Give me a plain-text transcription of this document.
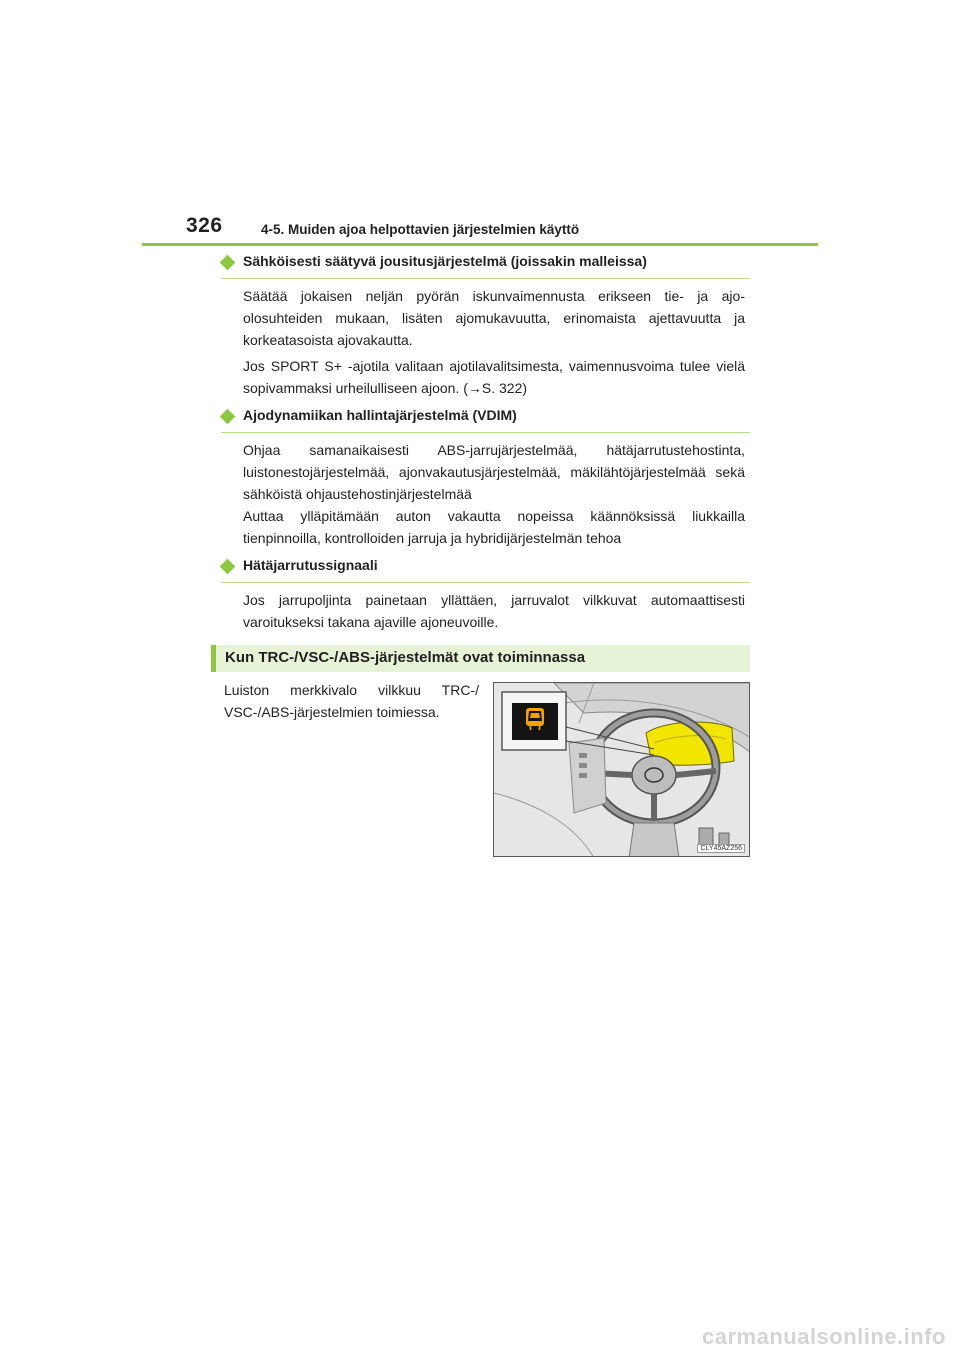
326	4-5. Muiden ajoa helpottavien järjestelmien käyttö
Sähköisesti säätyvä jousitusjärjestelmä (joissakin malleissa)
Säätää jokaisen neljän pyörän iskunvaimennusta erikseen tie- ja ajo-olosuhteiden mukaan, lisäten ajomukavuutta, erinomaista ajettavuutta ja korkeatasoista ajovakautta.
Jos SPORT S+ -ajotila valitaan ajotilavalitsimesta, vaimennusvoima tulee vielä sopivammaksi urheilulliseen ajoon. (→S. 322)
Ajodynamiikan hallintajärjestelmä (VDIM)
Ohjaa samanaikaisesti ABS-jarrujärjestelmää, hätäjarrutustehostinta, luistonestojärjestelmää, ajonvakautusjärjestelmää, mäkilähtöjärjestelmää sekä sähköistä ohjaustehostinjärjestelmää
Auttaa ylläpitämään auton vakautta nopeissa käännöksissä liukkailla tienpinnoilla, kontrolloiden jarruja ja hybridijärjestelmän tehoa
Hätäjarrutussignaali
Jos jarrupoljinta painetaan yllättäen, jarruvalot vilkkuvat automaattisesti varoitukseksi takana ajaville ajoneuvoille.
Kun TRC-/VSC-/ABS-järjestelmät ovat toiminnassa
Luiston merkkivalo vilkkuu TRC-/ VSC-/ABS-järjestelmien toimiessa.
CLY45AZ256
carmanualsonline.info
